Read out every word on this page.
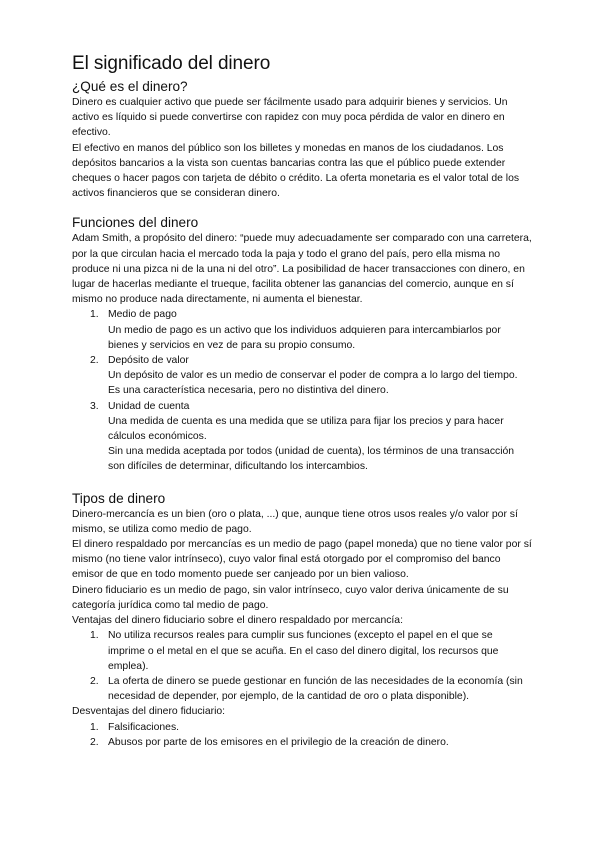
El significado del dinero
¿Qué es el dinero?

Dinero es cualquier activo que puede ser fácilmente usado para adquirir bienes y servicios. Un activo es líquido si puede convertirse con rapidez con muy poca pérdida de valor en dinero en efectivo.

El efectivo en manos del público son los billetes y monedas en manos de los ciudadanos. Los depósitos bancarios a la vista son cuentas bancarias contra las que el público puede extender cheques o hacer pagos con tarjeta de débito o crédito. La oferta monetaria es el valor total de los activos financieros que se consideran dinero.

Funciones del dinero

Adam Smith, a propósito del dinero: “puede muy adecuadamente ser comparado con una carretera, por la que circulan hacia el mercado toda la paja y todo el grano del país, pero ella misma no produce ni una pizca ni de la una ni del otro”. La posibilidad de hacer transacciones con dinero, en lugar de hacerlas mediante el trueque, facilita obtener las ganancias del comercio, aunque en sí mismo no produce nada directamente, ni aumenta el bienestar.

1. Medio de pago

Un medio de pago es un activo que los individuos adquieren para intercambiarlos por bienes y servicios en vez de para su propio consumo.

2. Depósito de valor

Un depósito de valor es un medio de conservar el poder de compra a lo largo del tiempo. Es una característica necesaria, pero no distintiva del dinero.

3. Unidad de cuenta

Una medida de cuenta es una medida que se utiliza para fijar los precios y para hacer cálculos económicos.

Sin una medida aceptada por todos (unidad de cuenta), los términos de una transacción son difíciles de determinar, dificultando los intercambios.

Tipos de dinero

Dinero-mercancía es un bien (oro o plata, ...) que, aunque tiene otros usos reales y/o valor por sí mismo, se utiliza como medio de pago.

El dinero respaldado por mercancías es un medio de pago (papel moneda) que no tiene valor por sí mismo (no tiene valor intrínseco), cuyo valor final está otorgado por el compromiso del banco emisor de que en todo momento puede ser canjeado por un bien valioso.

Dinero fiduciario es un medio de pago, sin valor intrínseco, cuyo valor deriva únicamente de su categoría jurídica como tal medio de pago.

Ventajas del dinero fiduciario sobre el dinero respaldado por mercancía:

1. No utiliza recursos reales para cumplir sus funciones (excepto el papel en el que se imprime o el metal en el que se acuña. En el caso del dinero digital, los recursos que emplea).

2. La oferta de dinero se puede gestionar en función de las necesidades de la economía (sin necesidad de depender, por ejemplo, de la cantidad de oro o plata disponible).

Desventajas del dinero fiduciario:

1. Falsificaciones.

2. Abusos por parte de los emisores en el privilegio de la creación de dinero.
